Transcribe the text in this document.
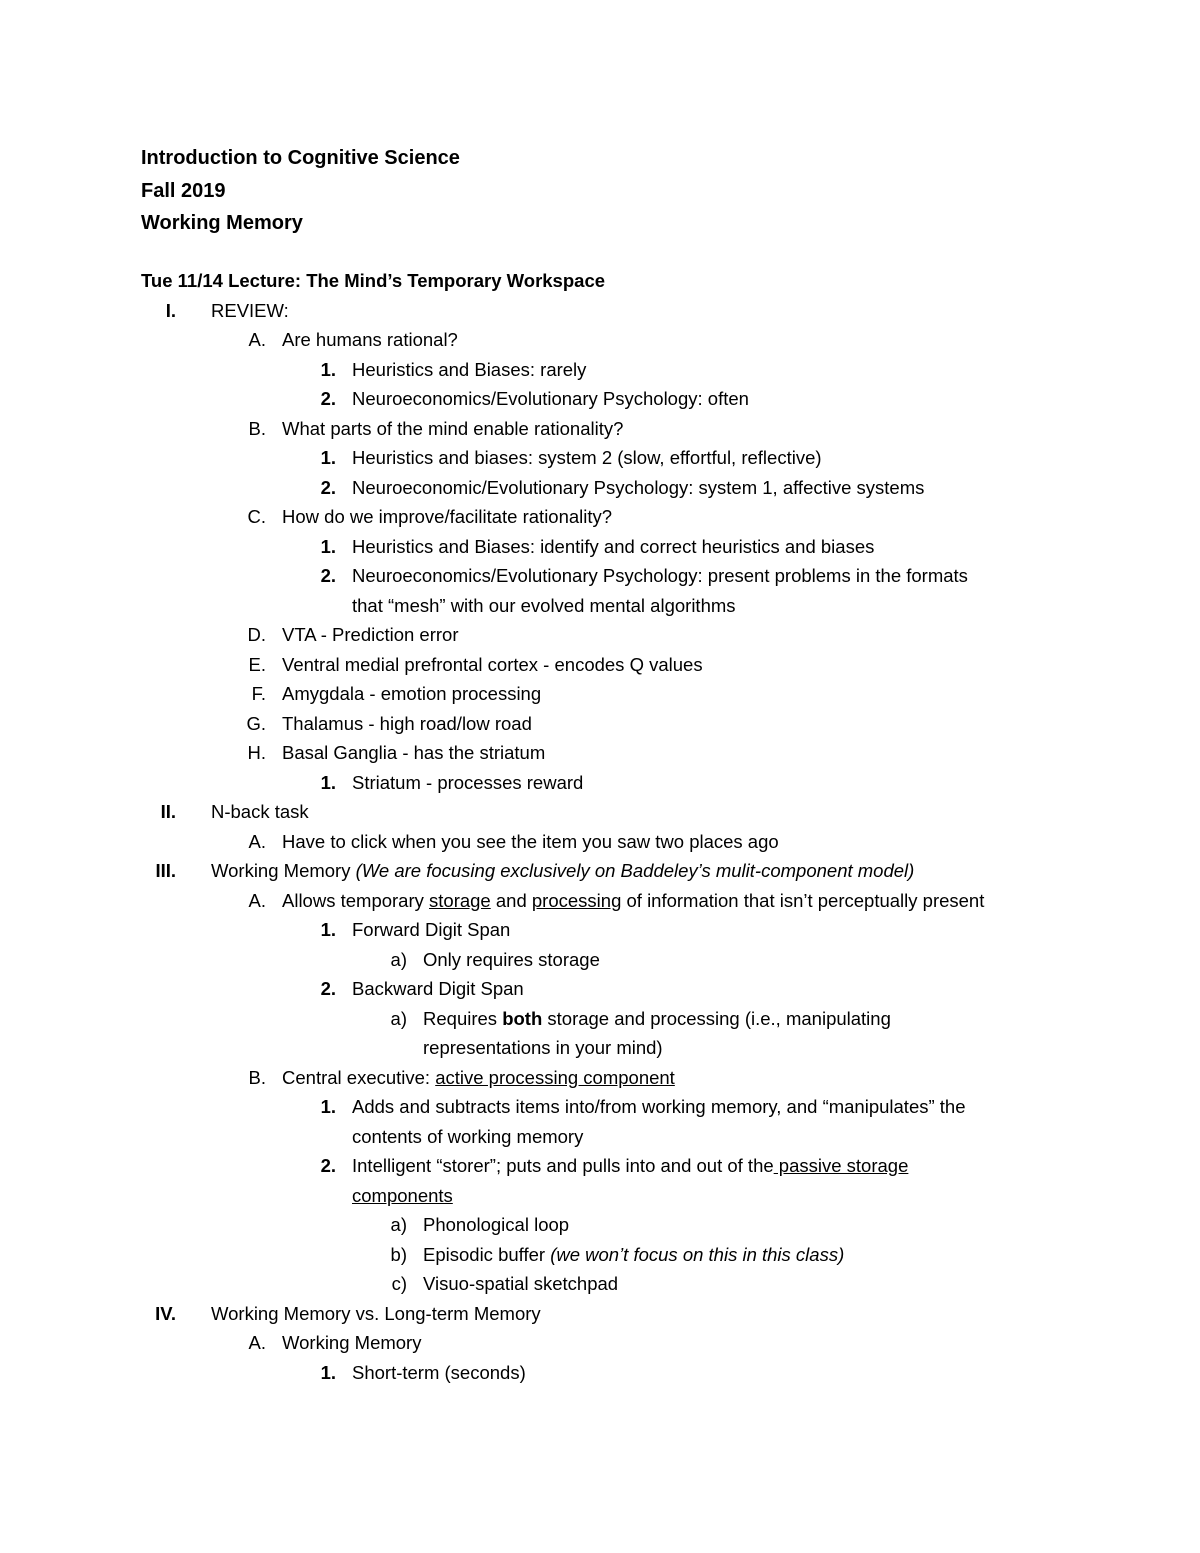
Introduction to Cognitive Science
Fall 2019
Working Memory
Tue 11/14 Lecture: The Mind’s Temporary Workspace
I. REVIEW:
A. Are humans rational?
1. Heuristics and Biases: rarely
2. Neuroeconomics/Evolutionary Psychology: often
B. What parts of the mind enable rationality?
1. Heuristics and biases: system 2 (slow, effortful, reflective)
2. Neuroeconomic/Evolutionary Psychology: system 1, affective systems
C. How do we improve/facilitate rationality?
1. Heuristics and Biases: identify and correct heuristics and biases
2. Neuroeconomics/Evolutionary Psychology: present problems in the formats
that “mesh” with our evolved mental algorithms
D. VTA - Prediction error
E. Ventral medial prefrontal cortex - encodes Q values
F. Amygdala - emotion processing
G. Thalamus - high road/low road
H. Basal Ganglia - has the striatum
1. Striatum - processes reward
II. N-back task
A. Have to click when you see the item you saw two places ago
III. Working Memory (We are focusing exclusively on Baddeley’s mulit-component model)
A. Allows temporary storage and processing of information that isn’t perceptually present
1. Forward Digit Span
a) Only requires storage
2. Backward Digit Span
a) Requires both storage and processing (i.e., manipulating
representations in your mind)
B. Central executive: active processing component
1. Adds and subtracts items into/from working memory, and “manipulates” the
contents of working memory
2. Intelligent “storer”; puts and pulls into and out of the passive storage
components
a) Phonological loop
b) Episodic buffer (we won’t focus on this in this class)
c) Visuo-spatial sketchpad
IV. Working Memory vs. Long-term Memory
A. Working Memory
1. Short-term (seconds)
